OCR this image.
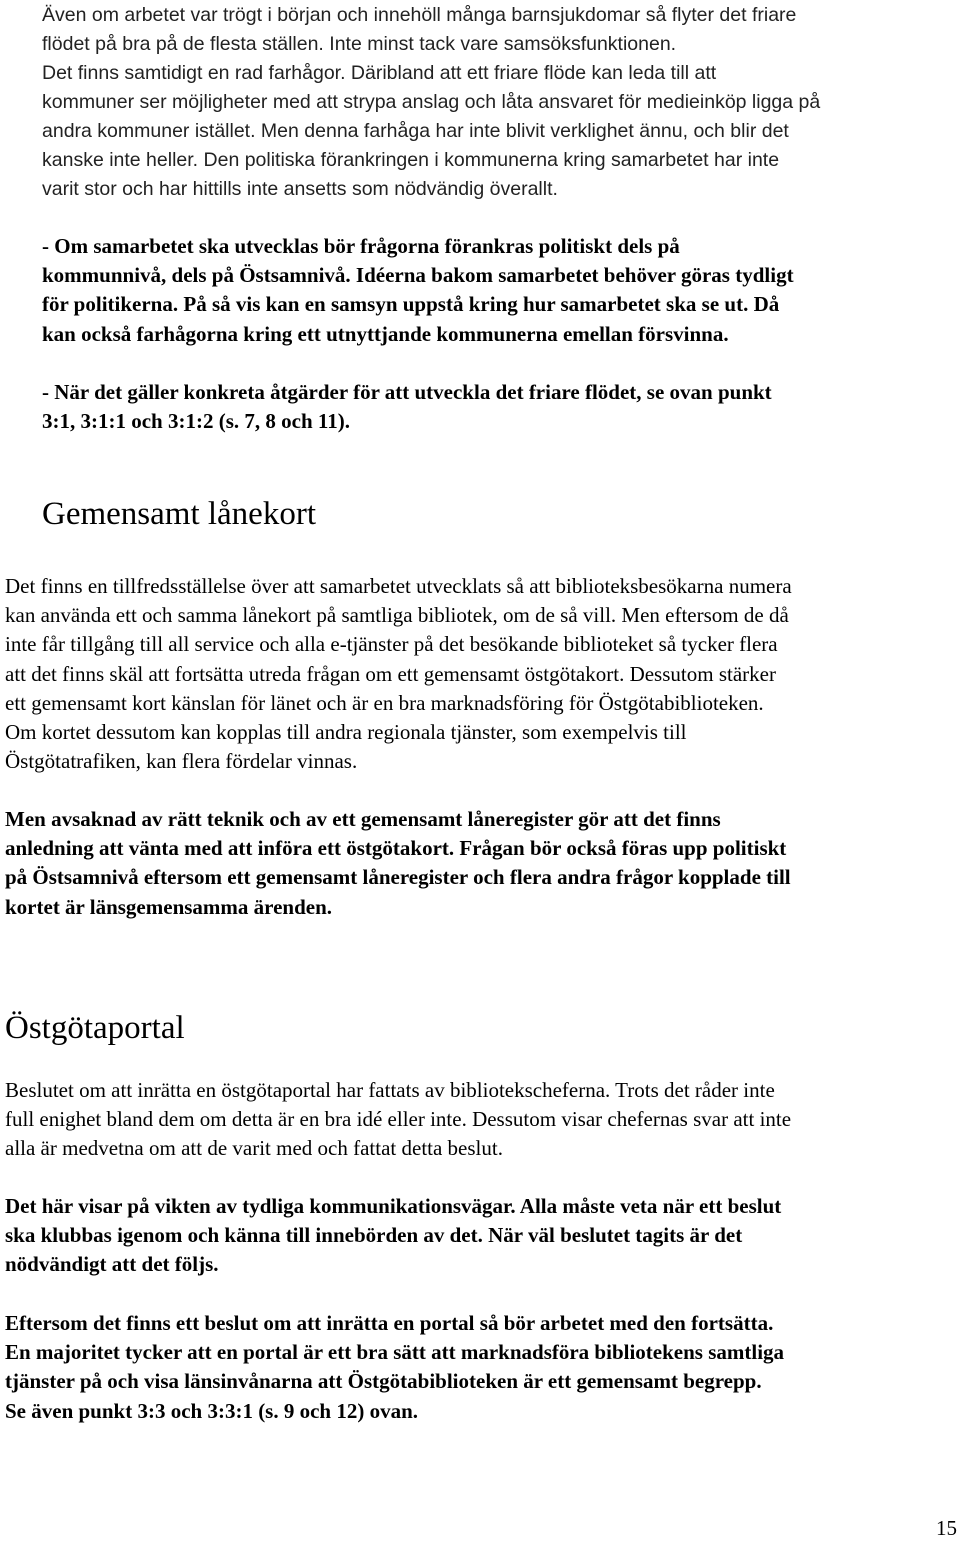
Även om arbetet var trögt i början och innehöll många barnsjukdomar så flyter det friare
flödet på bra på de flesta ställen. Inte minst tack vare samsöksfunktionen.
Det finns samtidigt en rad farhågor. Däribland att ett friare flöde kan leda till att
kommuner ser möjligheter med att strypa anslag och låta ansvaret för medieinköp ligga på
andra kommuner istället. Men denna farhåga har inte blivit verklighet ännu, och blir det
kanske inte heller. Den politiska förankringen i kommunerna kring samarbetet har inte
varit stor och har hittills inte ansetts som nödvändig överallt.
- Om samarbetet ska utvecklas bör frågorna förankras politiskt dels på
kommunnivå, dels på Östsamnivå. Idéerna bakom samarbetet behöver göras tydligt
för politikerna. På så vis kan en samsyn uppstå kring hur samarbetet ska se ut. Då
kan också farhågorna kring ett utnyttjande kommunerna emellan försvinna.
- När det gäller konkreta åtgärder för att utveckla det friare flödet, se ovan punkt
3:1, 3:1:1 och 3:1:2 (s. 7, 8 och 11).
Gemensamt lånekort
Det finns en tillfredsställelse över att samarbetet utvecklats så att biblioteksbesökarna numera
kan använda ett och samma lånekort på samtliga bibliotek, om de så vill. Men eftersom de då
inte får tillgång till all service och alla e-tjänster på det besökande biblioteket så tycker flera
att det finns skäl att fortsätta utreda frågan om ett gemensamt östgötakort. Dessutom stärker
ett gemensamt kort känslan för länet och är en bra marknadsföring för Östgötabiblioteken.
Om kortet dessutom kan kopplas till andra regionala tjänster, som exempelvis till
Östgötatrafiken, kan flera fördelar vinnas.
Men avsaknad av rätt teknik och av ett gemensamt låneregister gör att det finns
anledning att vänta med att införa ett östgötakort. Frågan bör också föras upp politiskt
på Östsamnivå eftersom ett gemensamt låneregister och flera andra frågor kopplade till
kortet är länsgemensamma ärenden.
Östgötaportal
Beslutet om att inrätta en östgötaportal har fattats av bibliotekscheferna. Trots det råder inte
full enighet bland dem om detta är en bra idé eller inte. Dessutom visar chefernas svar att inte
alla är medvetna om att de varit med och fattat detta beslut.
Det här visar på vikten av tydliga kommunikationsvägar. Alla måste veta när ett beslut
ska klubbas igenom och känna till innebörden av det. När väl beslutet tagits är det
nödvändigt att det följs.
Eftersom det finns ett beslut om att inrätta en portal så bör arbetet med den fortsätta.
En majoritet tycker att en portal är ett bra sätt att marknadsföra bibliotekens samtliga
tjänster på och visa länsinvånarna att Östgötabiblioteken är ett gemensamt begrepp.
Se även punkt 3:3 och 3:3:1 (s. 9 och 12) ovan.
15
